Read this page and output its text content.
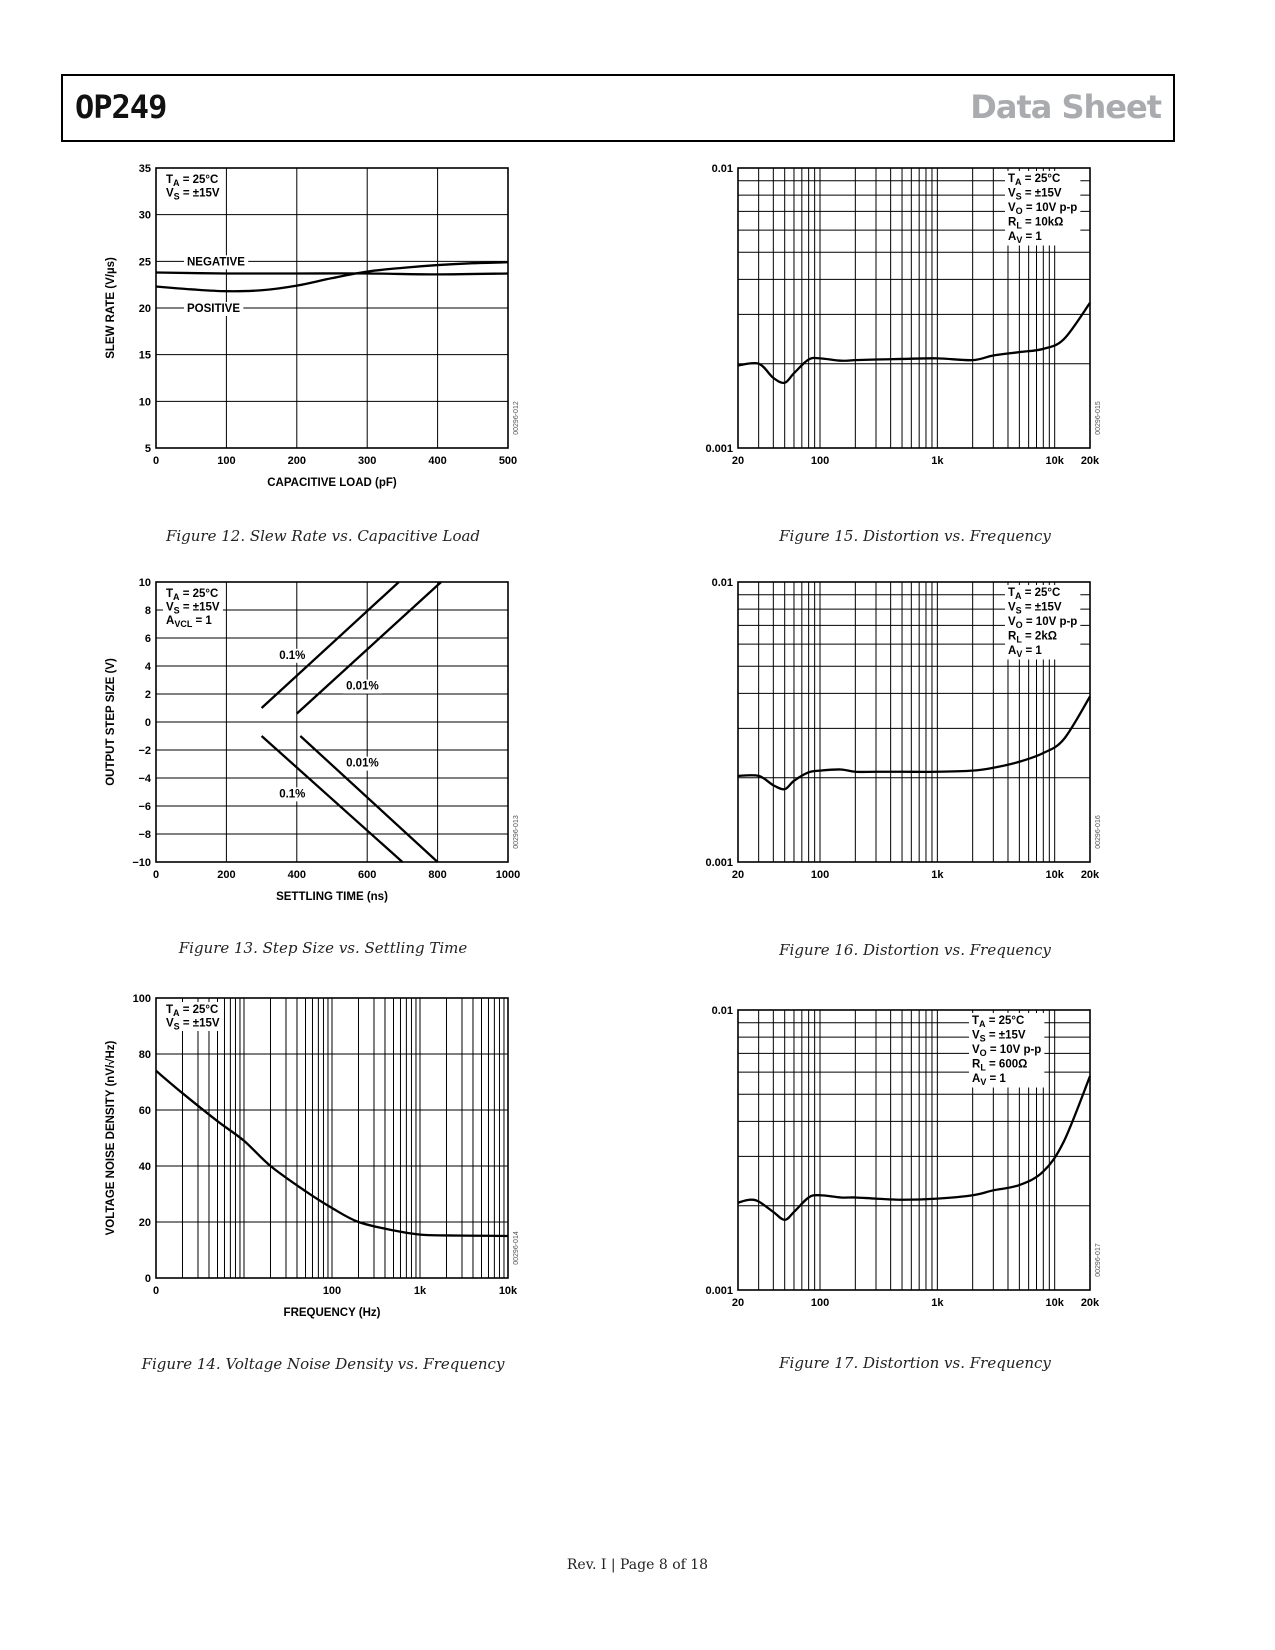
OP249	Data Sheet
0	100	200	300	400	500
5
10
15
20
25
30
35
CAPACITIVE LOAD (pF)
SLEW RATE (V/µs)	NEGATIVE
POSITIVE
$T_A = 25^\circ C$
$V_S = \pm 15V$
00296-012
Figure 12. Slew Rate vs. Capacitive Load
0	200	400	600	800	1000
−10
−8
−6
−4
−2
0
2
4
6
8
10
SETTLING TIME (ns)
OUTPUT STEP SIZE (V)
0.1%
0.01%
0.01%
0.1%
$T_A = 25^\circ C$
$V_S = \pm 15V$
$A_{VCL} = 1$
00296-013
Figure 13. Step Size vs. Settling Time
0	100	1k	10k
0
20
40
60
80
100
FREQUENCY (Hz)
VOLTAGE NOISE DENSITY (nV/√Hz)
$T_A = 25^\circ C$
$V_S = \pm 15V$
00296-014
Figure 14. Voltage Noise Density vs. Frequency
20	100	1k	10k 20k
0.001
0.01
$T_A = 25^\circ C$
$V_S = \pm 15V$
$V_O = 10V$ p-p
$R_L = 10k\Omega$
$A_V = 1$
00296-015
Figure 15. Distortion vs. Frequency
20	100	1k	10k 20k
0.001
0.01
$T_A = 25^\circ C$
$V_S = \pm 15V$
$V_O = 10V$ p-p
$R_L = 2k\Omega$
$A_V = 1$
00296-016
Figure 16. Distortion vs. Frequency
20	100	1k	10k 20k
0.001
0.01
$T_A = 25^\circ C$
$V_S = \pm 15V$
$V_O = 10V$ p-p
$R_L = 600\Omega$
$A_V = 1$
00296-017
Figure 17. Distortion vs. Frequency
Rev. I | Page 8 of 18
